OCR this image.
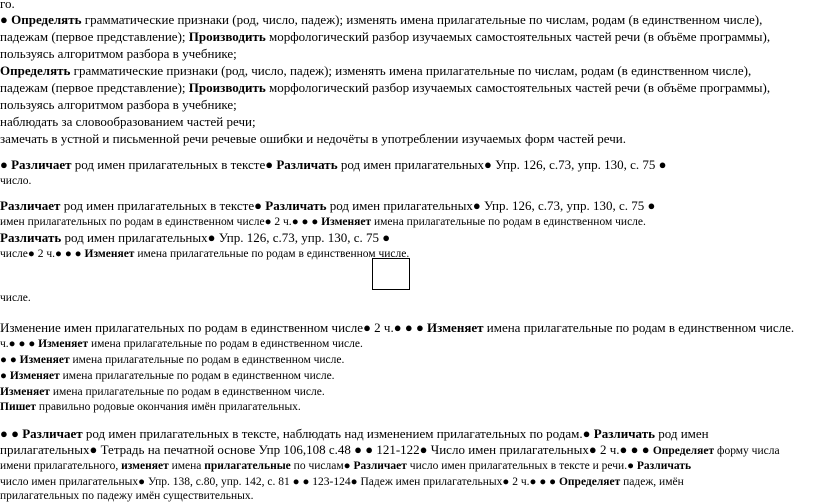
го.
● Определять грамматические признаки (род, число, падеж); изменять имена прилагательные по числам, родам (в единственном числе),
падежам (первое представление); Производить морфологический разбор изучаемых самостоятельных частей речи (в объёме программы),
пользуясь алгоритмом разбора в учебнике;
Определять грамматические признаки (род, число, падеж); изменять имена прилагательные по числам, родам (в единственном числе),
падежам (первое представление); Производить морфологический разбор изучаемых самостоятельных частей речи (в объёме программы),
пользуясь алгоритмом разбора в учебнике;
наблюдать за словообразованием частей речи;
замечать в устной и письменной речи речевые ошибки и недочёты в употреблении изучаемых форм частей речи.
● Различает род имен прилагательных в тексте● Различать род имен прилагательных● Упр. 126, с.73, упр. 130, с. 75 ●
число.
Различает род имен прилагательных в тексте● Различать род имен прилагательных● Упр. 126, с.73, упр. 130, с. 75 ●
имен прилагательных по родам в единственном числе● 2 ч.● ● ● Изменяет имена прилагательные по родам в единственном числе.
Различать род имен прилагательных● Упр. 126, с.73, упр. 130, с. 75 ●
числе● 2 ч.● ● ● Изменяет имена прилагательные по родам в единственном числе.
числе.
Изменение имен прилагательных по родам в единственном числе● 2 ч.● ● ● Изменяет имена прилагательные по родам в единственном числе.
ч.● ● ● Изменяет имена прилагательные по родам в единственном числе.
● ● Изменяет имена прилагательные по родам в единственном числе.
● Изменяет имена прилагательные по родам в единственном числе.
Изменяет имена прилагательные по родам в единственном числе.
Пишет правильно родовые окончания имён прилагательных.
● ● Различает род имен прилагательных в тексте, наблюдать над изменением прилагательных по родам.● Различать род имен
прилагательных● Тетрадь на печатной основе Упр 106,108 с.48 ● ● 121-122● Число имен прилагательных● 2 ч.● ● ● Определяет форму числа
имени прилагательного, изменяет имена прилагательные по числам● Различает число имен прилагательных в тексте и речи.● Различать
число имен прилагательных● Упр. 138, с.80, упр. 142, с. 81 ● ● 123-124● Падеж имен прилагательных● 2 ч.● ● ● Определяет падеж, имён
прилагательных по падежу имён существительных.
